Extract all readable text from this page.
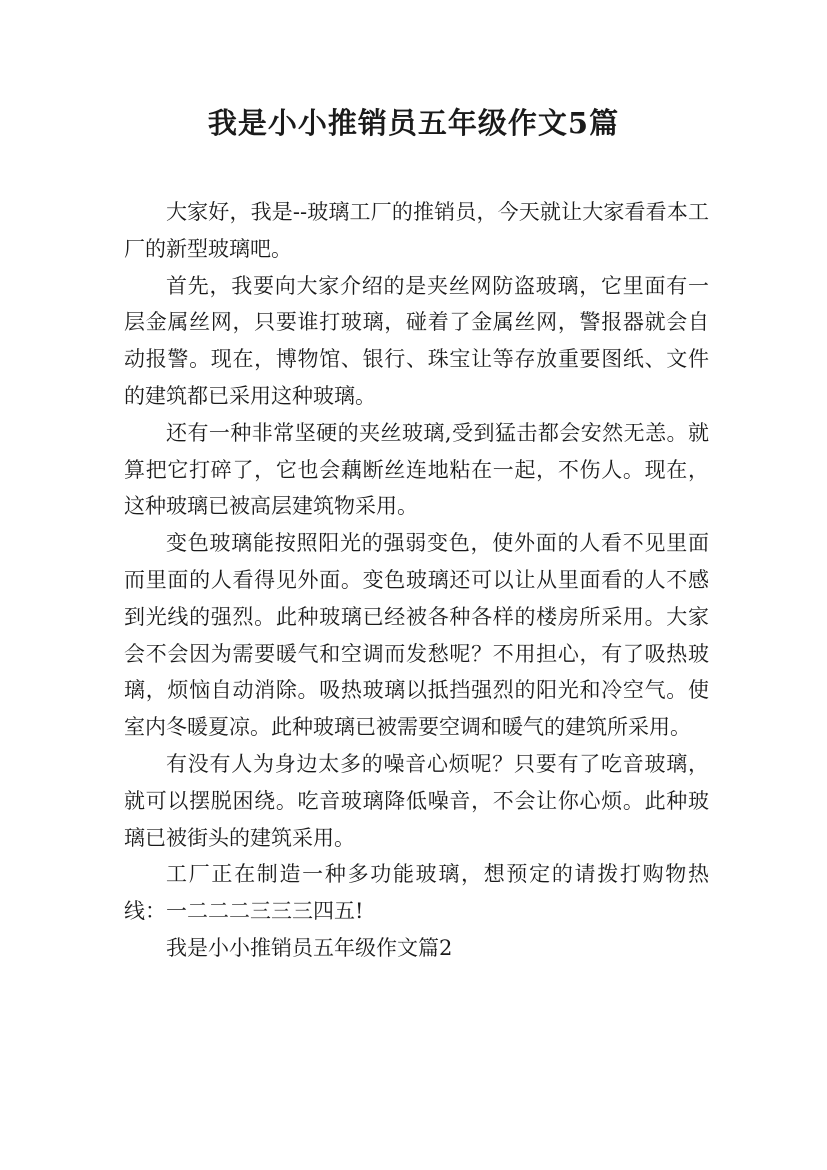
我是小小推销员五年级作文5篇

大家好，我是--玻璃工厂的推销员，今天就让大家看看本工厂的新型玻璃吧。

首先，我要向大家介绍的是夹丝网防盗玻璃，它里面有一层金属丝网，只要谁打玻璃，碰着了金属丝网，警报器就会自动报警。现在，博物馆、银行、珠宝让等存放重要图纸、文件的建筑都已采用这种玻璃。

还有一种非常坚硬的夹丝玻璃,受到猛击都会安然无恙。就算把它打碎了，它也会藕断丝连地粘在一起，不伤人。现在，这种玻璃已被高层建筑物采用。

变色玻璃能按照阳光的强弱变色，使外面的人看不见里面而里面的人看得见外面。变色玻璃还可以让从里面看的人不感到光线的强烈。此种玻璃已经被各种各样的楼房所采用。大家会不会因为需要暖气和空调而发愁呢？不用担心，有了吸热玻璃，烦恼自动消除。吸热玻璃以抵挡强烈的阳光和冷空气。使室内冬暖夏凉。此种玻璃已被需要空调和暖气的建筑所采用。

有没有人为身边太多的噪音心烦呢？只要有了吃音玻璃，就可以摆脱困绕。吃音玻璃降低噪音，不会让你心烦。此种玻璃已被街头的建筑采用。

工厂正在制造一种多功能玻璃，想预定的请拨打购物热线：一二二二三三三四五!

我是小小推销员五年级作文篇2
